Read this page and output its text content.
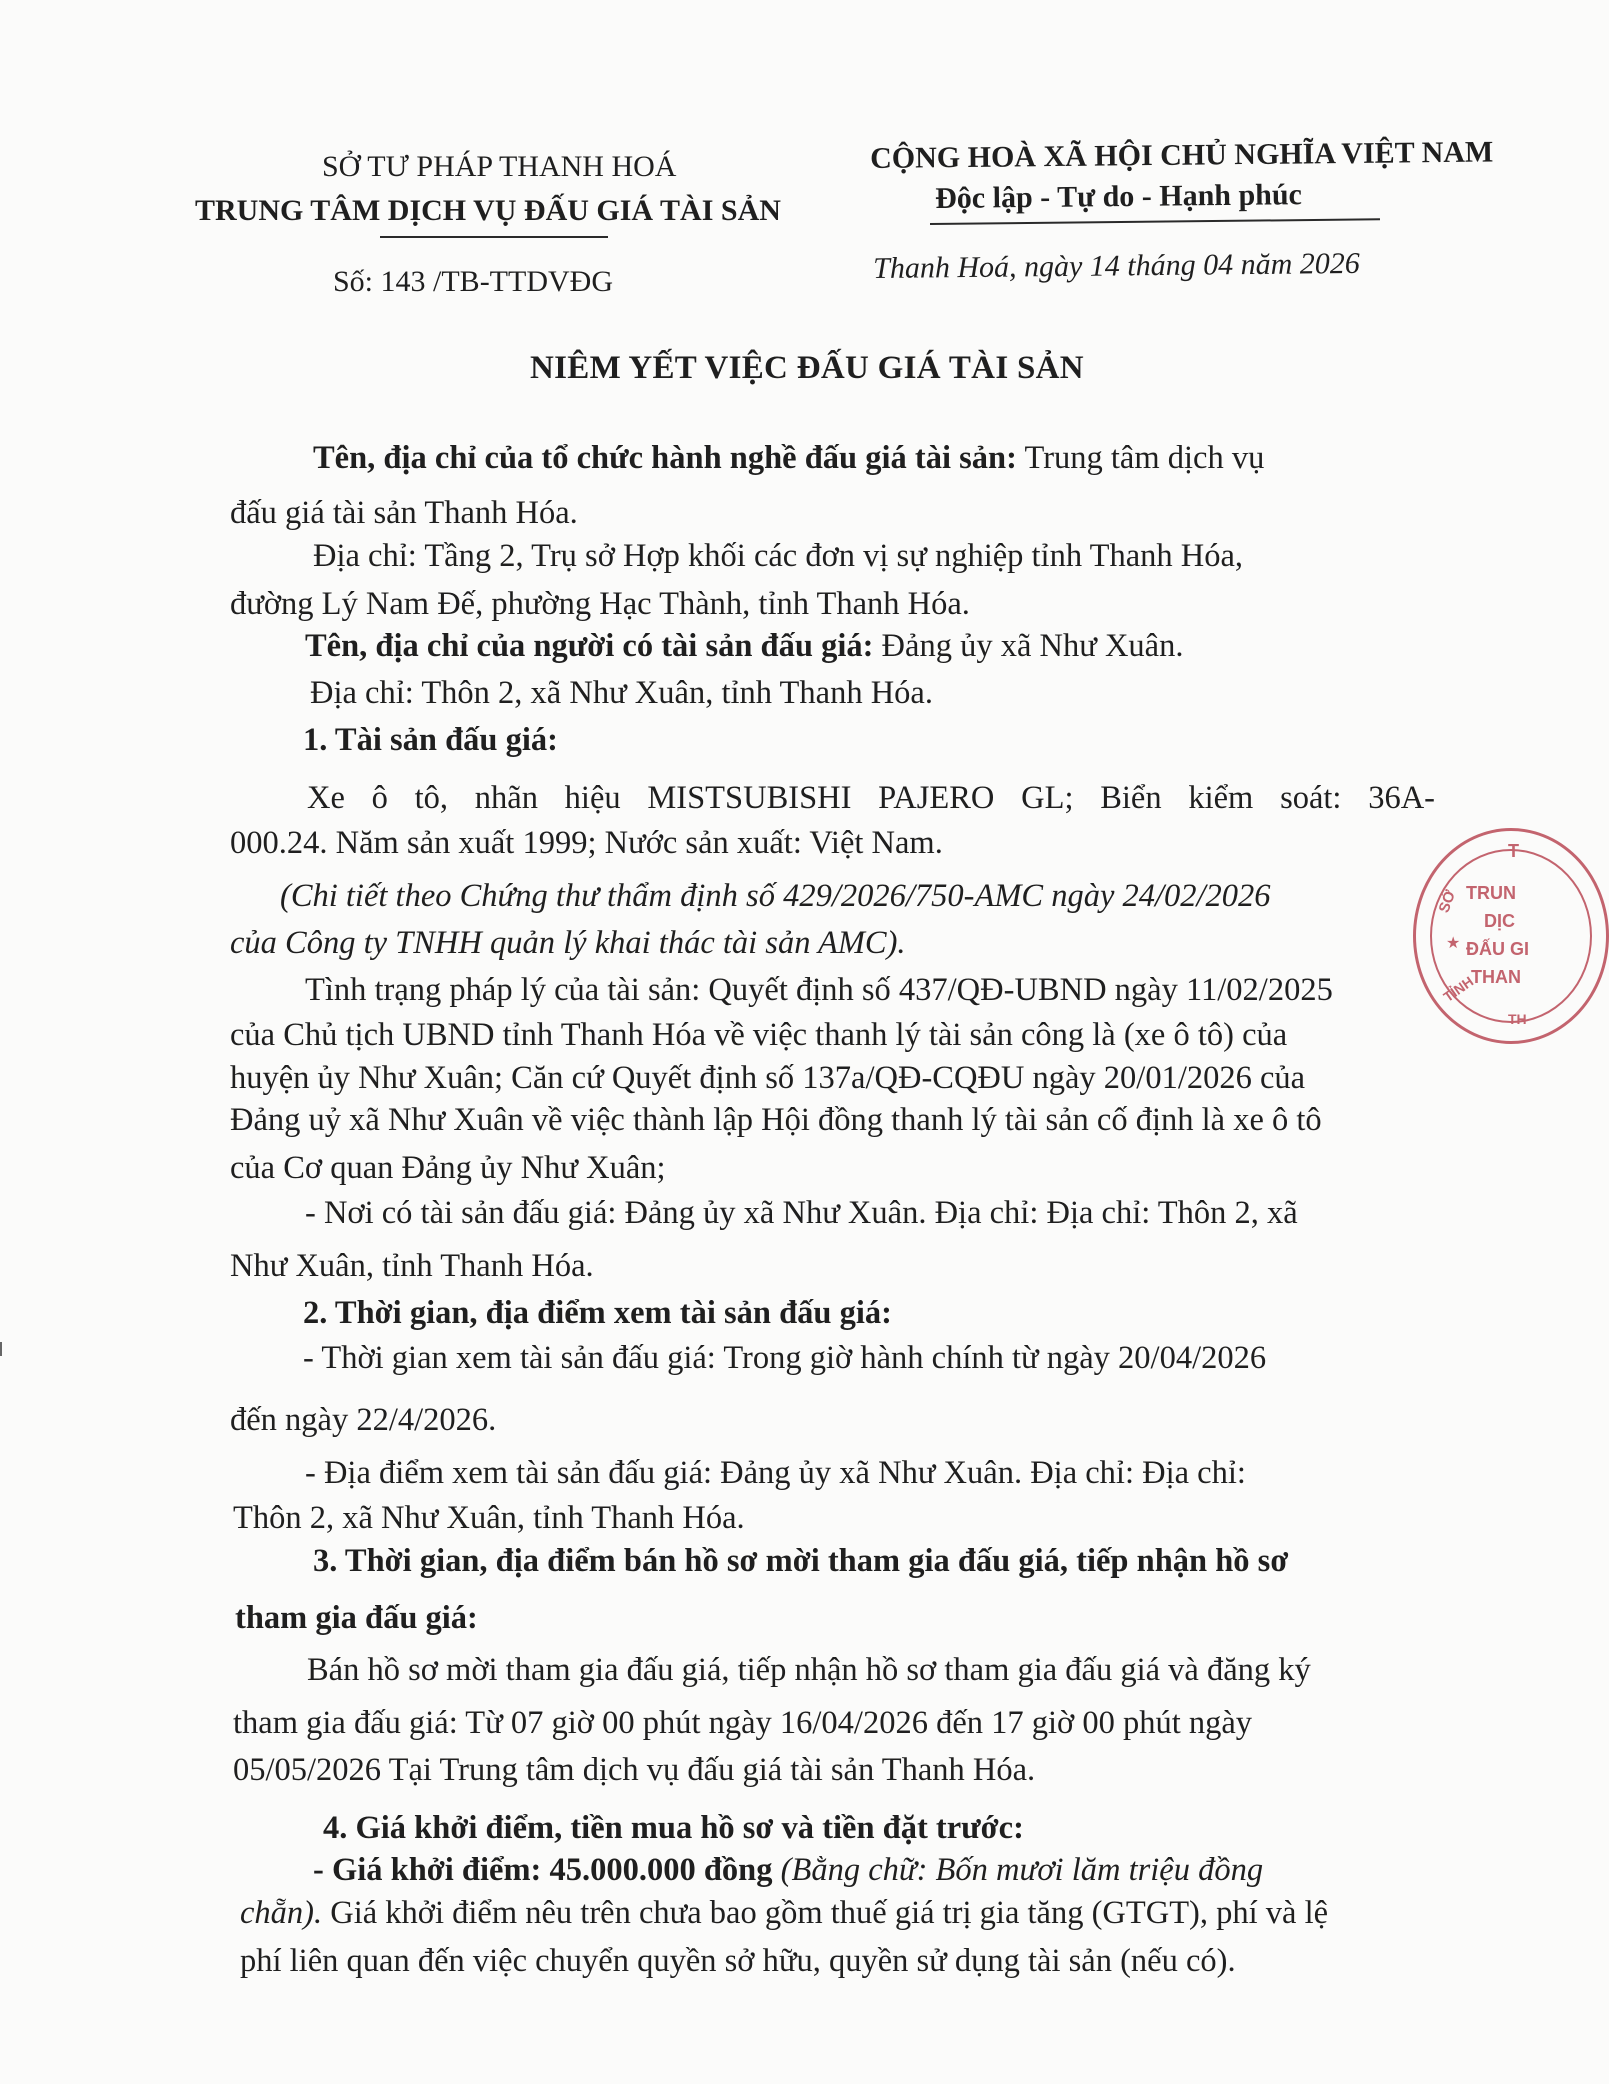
SỞ TƯ PHÁP THANH HOÁ
TRUNG TÂM DỊCH VỤ ĐẤU GIÁ TÀI SẢN
Số: 143 /TB-TTDVĐG
CỘNG HOÀ XÃ HỘI CHỦ NGHĨA VIỆT NAM
Độc lập - Tự do - Hạnh phúc
Thanh Hoá, ngày 14 tháng 04 năm 2026
NIÊM YẾT VIỆC ĐẤU GIÁ TÀI SẢN
Tên, địa chỉ của tổ chức hành nghề đấu giá tài sản: Trung tâm dịch vụ
đấu giá tài sản Thanh Hóa.
Địa chỉ: Tầng 2, Trụ sở Hợp khối các đơn vị sự nghiệp tỉnh Thanh Hóa,
đường Lý Nam Đế, phường Hạc Thành, tỉnh Thanh Hóa.
Tên, địa chỉ của người có tài sản đấu giá: Đảng ủy xã Như Xuân.
Địa chỉ: Thôn 2, xã Như Xuân, tỉnh Thanh Hóa.
1. Tài sản đấu giá:
Xe ô tô, nhãn hiệu MISTSUBISHI PAJERO GL; Biển kiểm soát: 36A-
000.24. Năm sản xuất 1999; Nước sản xuất: Việt Nam.
(Chi tiết theo Chứng thư thẩm định số 429/2026/750-AMC ngày 24/02/2026
của Công ty TNHH quản lý khai thác tài sản AMC).
Tình trạng pháp lý của tài sản: Quyết định số 437/QĐ-UBND ngày 11/02/2025
của Chủ tịch UBND tỉnh Thanh Hóa về việc thanh lý tài sản công là (xe ô tô) của
huyện ủy Như Xuân; Căn cứ Quyết định số 137a/QĐ-CQĐU ngày 20/01/2026 của
Đảng uỷ xã Như Xuân về việc thành lập Hội đồng thanh lý tài sản cố định là xe ô tô
của Cơ quan Đảng ủy Như Xuân;
- Nơi có tài sản đấu giá: Đảng ủy xã Như Xuân. Địa chỉ: Địa chỉ: Thôn 2, xã
Như Xuân, tỉnh Thanh Hóa.
2. Thời gian, địa điểm xem tài sản đấu giá:
- Thời gian xem tài sản đấu giá: Trong giờ hành chính từ ngày 20/04/2026
đến ngày 22/4/2026.
- Địa điểm xem tài sản đấu giá: Đảng ủy xã Như Xuân. Địa chỉ: Địa chỉ:
Thôn 2, xã Như Xuân, tỉnh Thanh Hóa.
3. Thời gian, địa điểm bán hồ sơ mời tham gia đấu giá, tiếp nhận hồ sơ
tham gia đấu giá:
Bán hồ sơ mời tham gia đấu giá, tiếp nhận hồ sơ tham gia đấu giá và đăng ký
tham gia đấu giá: Từ 07 giờ 00 phút ngày 16/04/2026 đến 17 giờ 00 phút ngày
05/05/2026 Tại Trung tâm dịch vụ đấu giá tài sản Thanh Hóa.
4. Giá khởi điểm, tiền mua hồ sơ và tiền đặt trước:
- Giá khởi điểm: 45.000.000 đồng (Bằng chữ: Bốn mươi lăm triệu đồng
chẵn). Giá khởi điểm nêu trên chưa bao gồm thuế giá trị gia tăng (GTGT), phí và lệ
phí liên quan đến việc chuyển quyền sở hữu, quyền sử dụng tài sản (nếu có).
T
TRUN
DỊC
ĐẤU GI
THAN
SỞ
TỈNH
TH
★
